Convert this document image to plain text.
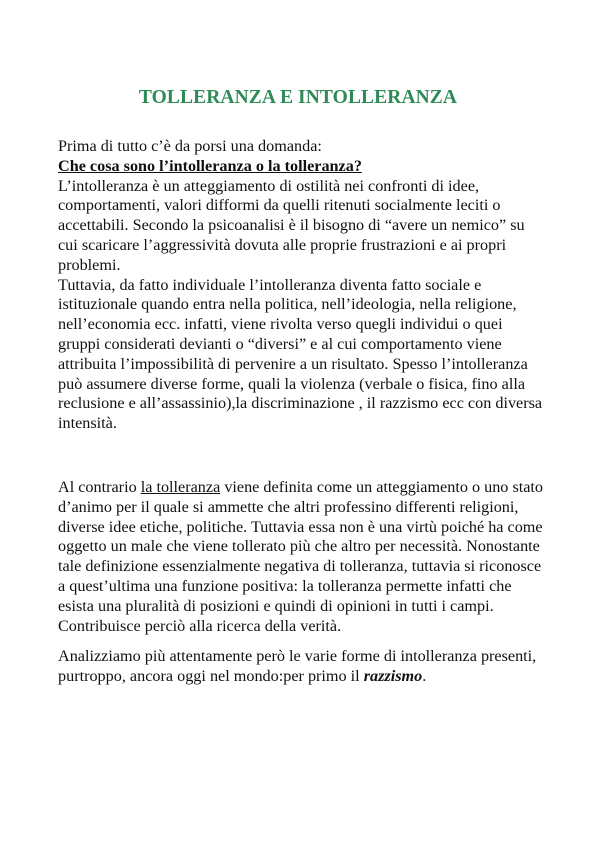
TOLLERANZA E INTOLLERANZA

Prima di tutto c’è da porsi una domanda:

Che cosa sono l’intolleranza o la tolleranza?

L’intolleranza è un atteggiamento di ostilità nei confronti di idee, comportamenti, valori difformi da quelli ritenuti socialmente leciti o accettabili. Secondo la psicoanalisi è il bisogno di “avere un nemico” su cui scaricare l’aggressività dovuta alle proprie frustrazioni e ai propri problemi.

Tuttavia, da fatto individuale l’intolleranza diventa fatto sociale e istituzionale quando entra nella politica, nell’ideologia, nella religione, nell’economia ecc. infatti, viene rivolta verso quegli individui o quei gruppi considerati devianti o “diversi” e al cui comportamento viene attribuita l’impossibilità di pervenire a un risultato. Spesso l’intolleranza può assumere diverse forme, quali la violenza (verbale o fisica, fino alla reclusione e all’assassinio),la discriminazione , il razzismo ecc con diversa intensità.

Al contrario la tolleranza viene definita come un atteggiamento o uno stato d’animo per il quale si ammette che altri professino differenti religioni, diverse idee etiche, politiche. Tuttavia essa non è una virtù poiché ha come oggetto un male che viene tollerato più che altro per necessità. Nonostante tale definizione essenzialmente negativa di tolleranza, tuttavia si riconosce a quest’ultima una funzione positiva: la tolleranza permette infatti che esista una pluralità di posizioni e quindi di opinioni in tutti i campi. Contribuisce perciò alla ricerca della verità.

Analizziamo più attentamente però le varie forme di intolleranza presenti, purtroppo, ancora oggi nel mondo:per primo il razzismo.
